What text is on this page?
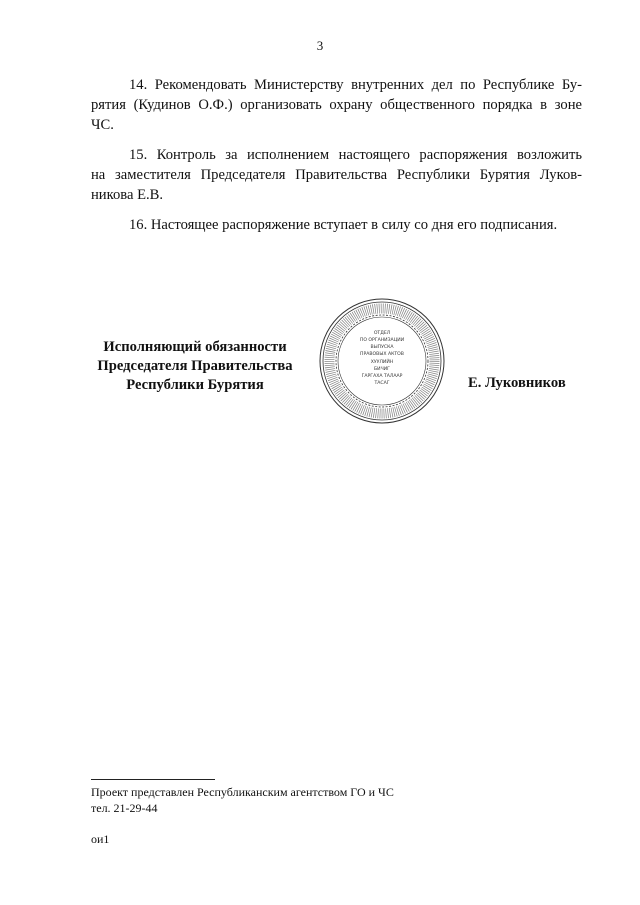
3
14. Рекомендовать Министерству внутренних дел по Республике Бу-
рятия (Кудинов О.Ф.) организовать охрану общественного порядка в зоне
ЧС.
15. Контроль за исполнением настоящего распоряжения возложить
на заместителя Председателя Правительства Республики Бурятия Луков-
никова Е.В.
16. Настоящее распоряжение вступает в силу со дня его подписания.
Исполняющий обязанности
Председателя Правительства
Республики Бурятия
ОТДЕЛ
ПО ОРГАНИЗАЦИИ
ВЫПУСКА
ПРАВОВЫХ АКТОВ
ХУУЛИЙН
БИЧИГ
ГАРГАХА ТАЛААР
ТАСАГ	Е. Луковников
Проект представлен Республиканским агентством ГО и ЧС
тел. 21-29-44
ои1
